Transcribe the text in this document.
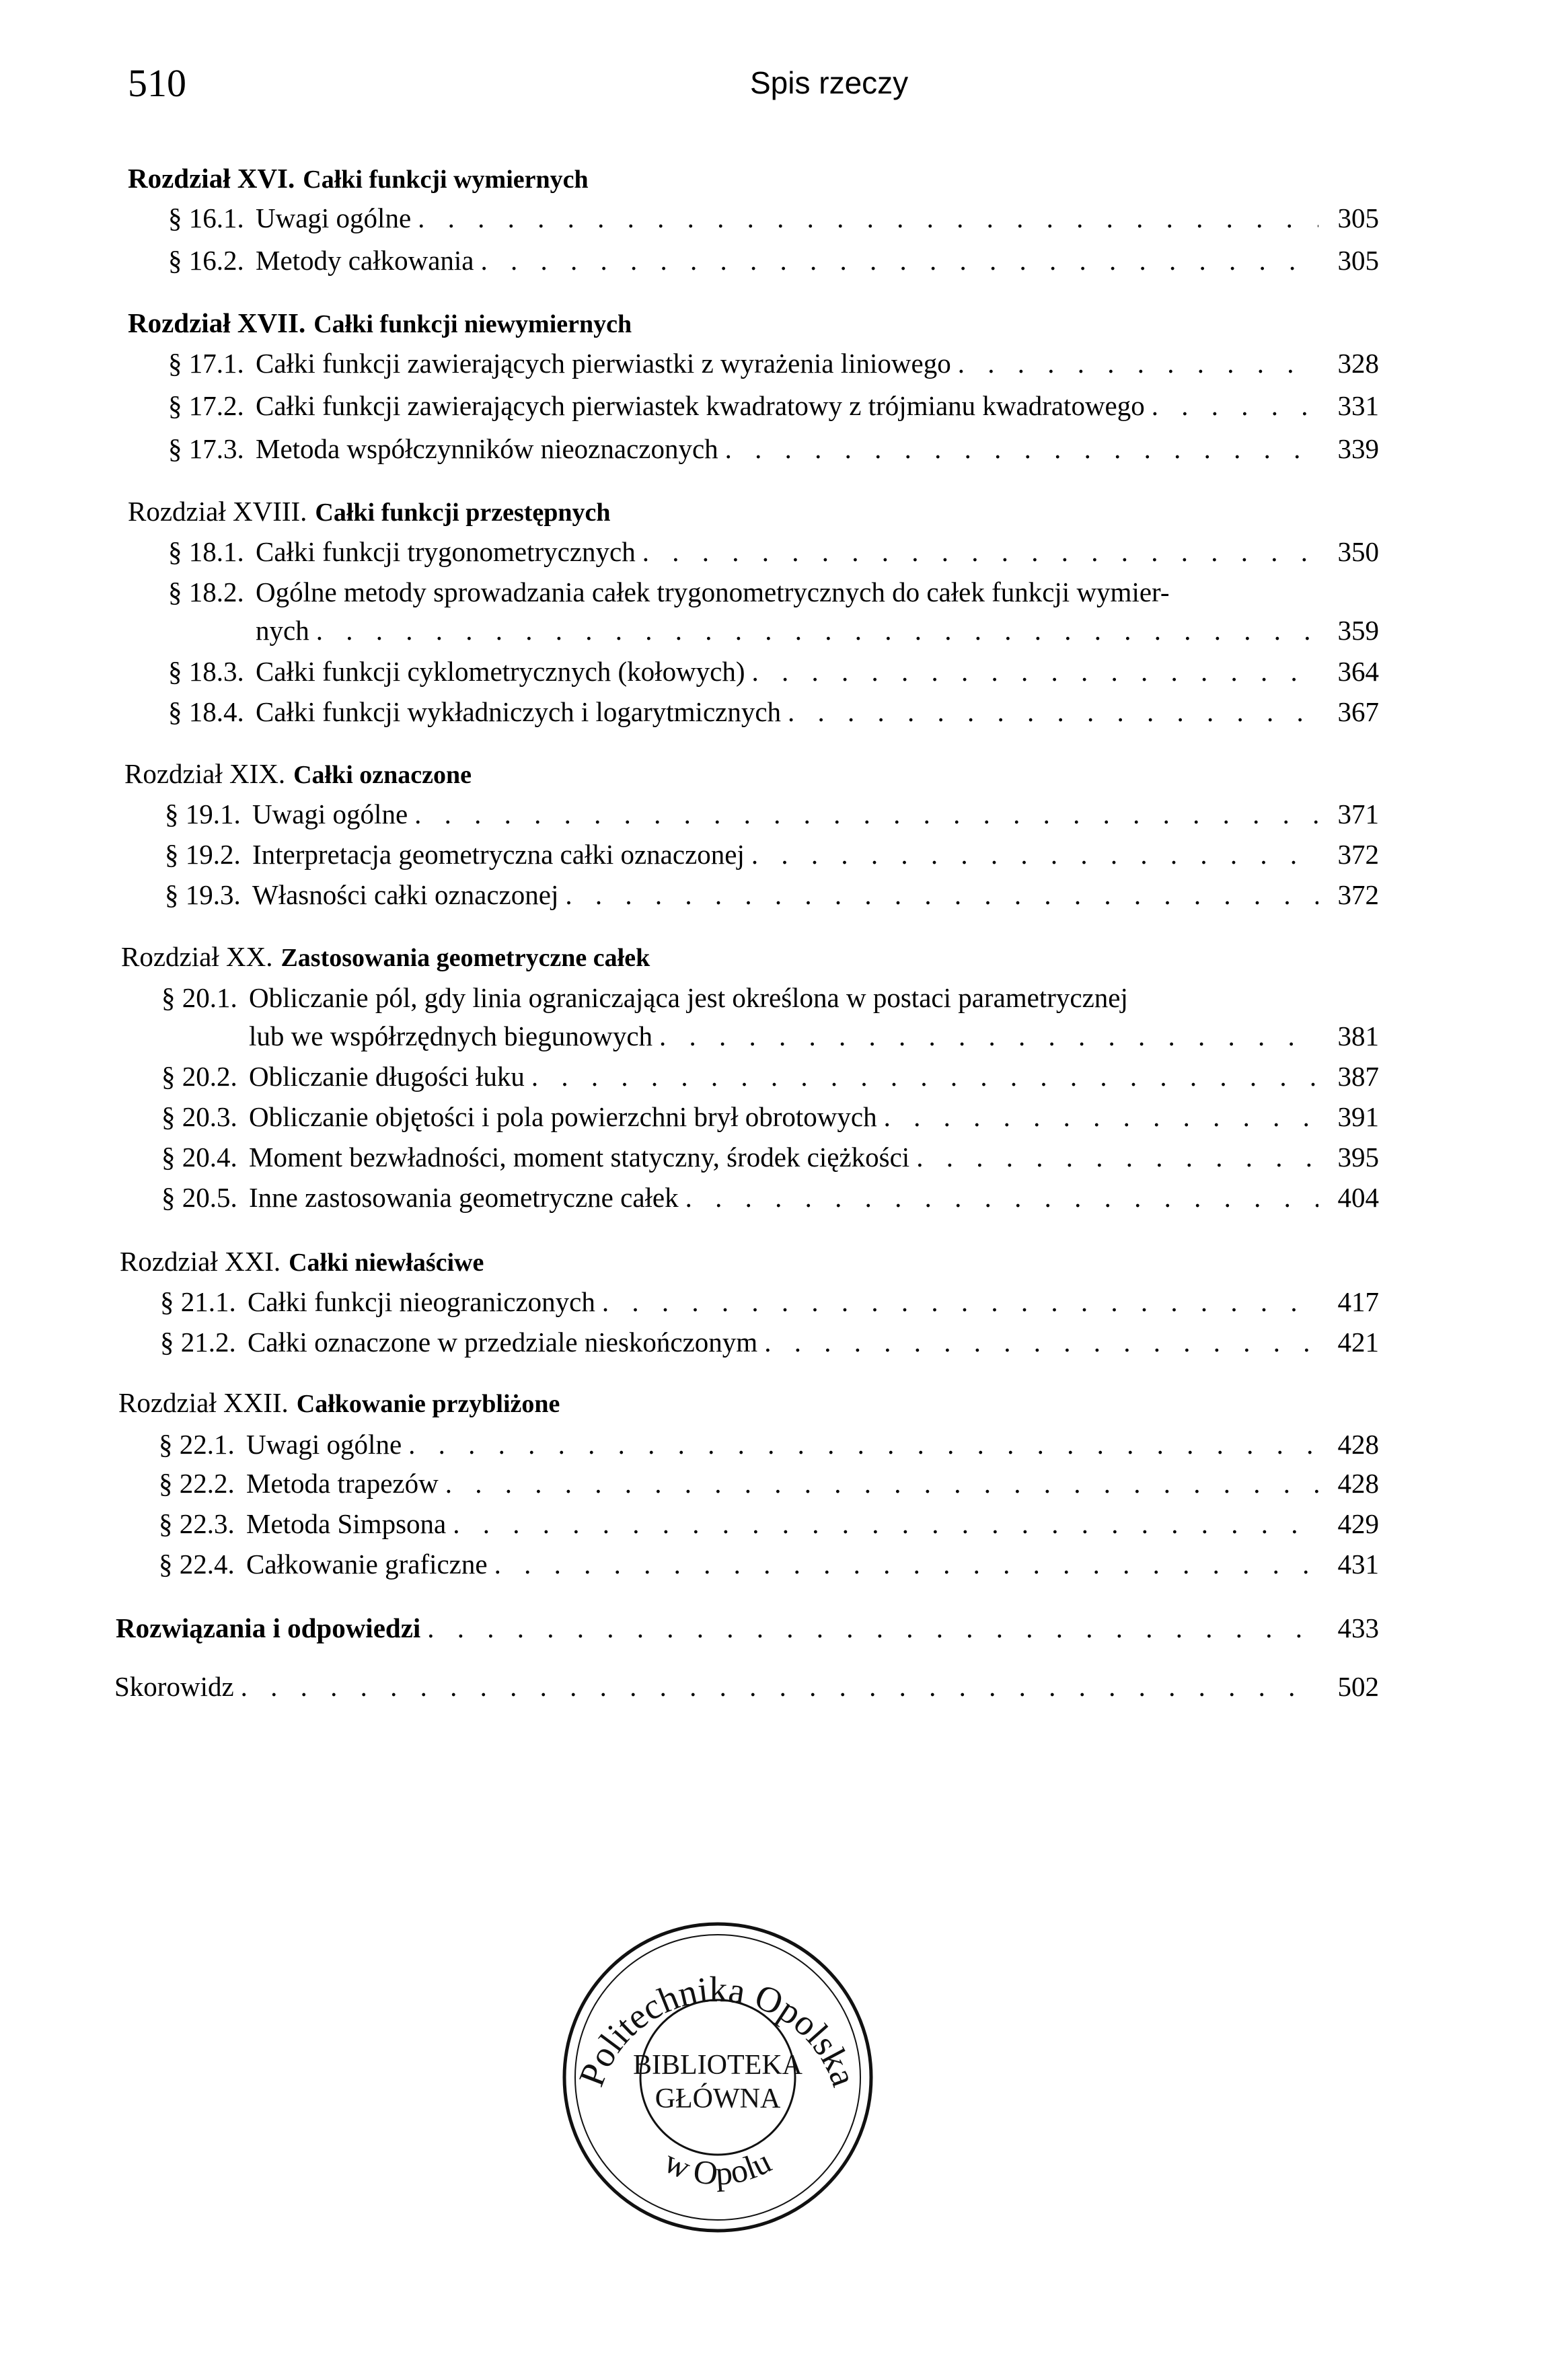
510	Spis rzeczy
Rozdział XVI. Całki funkcji wymiernych
§ 16.1. Uwagi ogólne . . .	305
§ 16.2. Metody całkowania . . .	305
Rozdział XVII. Całki funkcji niewymiernych
§ 17.1. Całki funkcji zawierających pierwiastki z wyrażenia liniowego . . .	328
§ 17.2. Całki funkcji zawierających pierwiastek kwadratowy z trójmianu kwadratowego . . .	331
§ 17.3. Metoda współczynników nieoznaczonych . . .	339
Rozdział XVIII. Całki funkcji przestępnych
§ 18.1. Całki funkcji trygonometrycznych . . .	350
§ 18.2. Ogólne metody sprowadzania całek trygonometrycznych do całek funkcji wymier-
nych . . .	359
§ 18.3. Całki funkcji cyklometrycznych (kołowych) . . .	364
§ 18.4. Całki funkcji wykładniczych i logarytmicznych . . .	367
Rozdział XIX. Całki oznaczone
§ 19.1. Uwagi ogólne . . .	371
§ 19.2. Interpretacja geometryczna całki oznaczonej . . .	372
§ 19.3. Własności całki oznaczonej . . .	372
Rozdział XX. Zastosowania geometryczne całek
§ 20.1. Obliczanie pól, gdy linia ograniczająca jest określona w postaci parametrycznej
lub we współrzędnych biegunowych . . .	381
§ 20.2. Obliczanie długości łuku . . .	387
§ 20.3. Obliczanie objętości i pola powierzchni brył obrotowych . . .	391
§ 20.4. Moment bezwładności, moment statyczny, środek ciężkości . . .	395
§ 20.5. Inne zastosowania geometryczne całek . . .	404
Rozdział XXI. Całki niewłaściwe
§ 21.1. Całki funkcji nieograniczonych . . .	417
§ 21.2. Całki oznaczone w przedziale nieskończonym . . .	421
Rozdział XXII. Całkowanie przybliżone
§ 22.1. Uwagi ogólne . . .	428
§ 22.2. Metoda trapezów . . .	428
§ 22.3. Metoda Simpsona . . .	429
§ 22.4. Całkowanie graficzne . . .	431
Rozwiązania i odpowiedzi . . .	433
Skorowidz . . .	502
Politechnika Opolska
BIBLIOTEKA
GŁÓWNA
w Opolu
